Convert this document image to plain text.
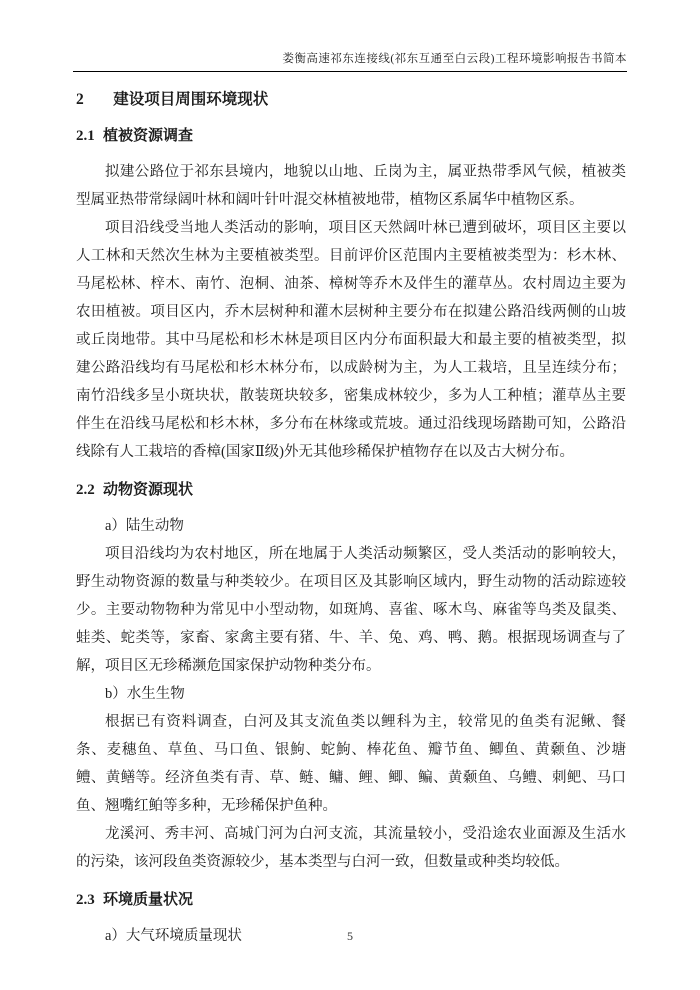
娄衡高速祁东连接线(祁东互通至白云段)工程环境影响报告书简本
2 建设项目周围环境现状
2.1 植被资源调查

拟建公路位于祁东县境内，地貌以山地、丘岗为主，属亚热带季风气候，植被类型属亚热带常绿阔叶林和阔叶针叶混交林植被地带，植物区系属华中植物区系。

项目沿线受当地人类活动的影响，项目区天然阔叶林已遭到破坏，项目区主要以人工林和天然次生林为主要植被类型。目前评价区范围内主要植被类型为：杉木林、马尾松林、梓木、南竹、泡桐、油茶、樟树等乔木及伴生的灌草丛。农村周边主要为农田植被。项目区内，乔木层树种和灌木层树种主要分布在拟建公路沿线两侧的山坡或丘岗地带。其中马尾松和杉木林是项目区内分布面积最大和最主要的植被类型，拟建公路沿线均有马尾松和杉木林分布，以成龄树为主，为人工栽培，且呈连续分布；南竹沿线多呈小斑块状，散装斑块较多，密集成林较少，多为人工种植；灌草丛主要伴生在沿线马尾松和杉木林，多分布在林缘或荒坡。通过沿线现场踏勘可知，公路沿线除有人工栽培的香樟(国家Ⅱ级)外无其他珍稀保护植物存在以及古大树分布。

2.2 动物资源现状
a）陆生动物

项目沿线均为农村地区，所在地属于人类活动频繁区，受人类活动的影响较大，野生动物资源的数量与种类较少。在项目区及其影响区域内，野生动物的活动踪迹较少。主要动物物种为常见中小型动物，如斑鸠、喜雀、啄木鸟、麻雀等鸟类及鼠类、蛙类、蛇类等，家畜、家禽主要有猪、牛、羊、兔、鸡、鸭、鹅。根据现场调查与了解，项目区无珍稀濒危国家保护动物种类分布。

b）水生生物

根据已有资料调查，白河及其支流鱼类以鲤科为主，较常见的鱼类有泥鳅、餐条、麦穗鱼、草鱼、马口鱼、银鮈、蛇鮈、棒花鱼、瓣节鱼、鲫鱼、黄颡鱼、沙塘鳢、黄鳝等。经济鱼类有青、草、鲢、鳙、鲤、鲫、鳊、黄颡鱼、乌鳢、刺鲃、马口鱼、翘嘴红鲌等多种，无珍稀保护鱼种。

龙溪河、秀丰河、高城门河为白河支流，其流量较小，受沿途农业面源及生活水的污染，该河段鱼类资源较少，基本类型与白河一致，但数量或种类均较低。

2.3 环境质量状况
a）大气环境质量现状	5
